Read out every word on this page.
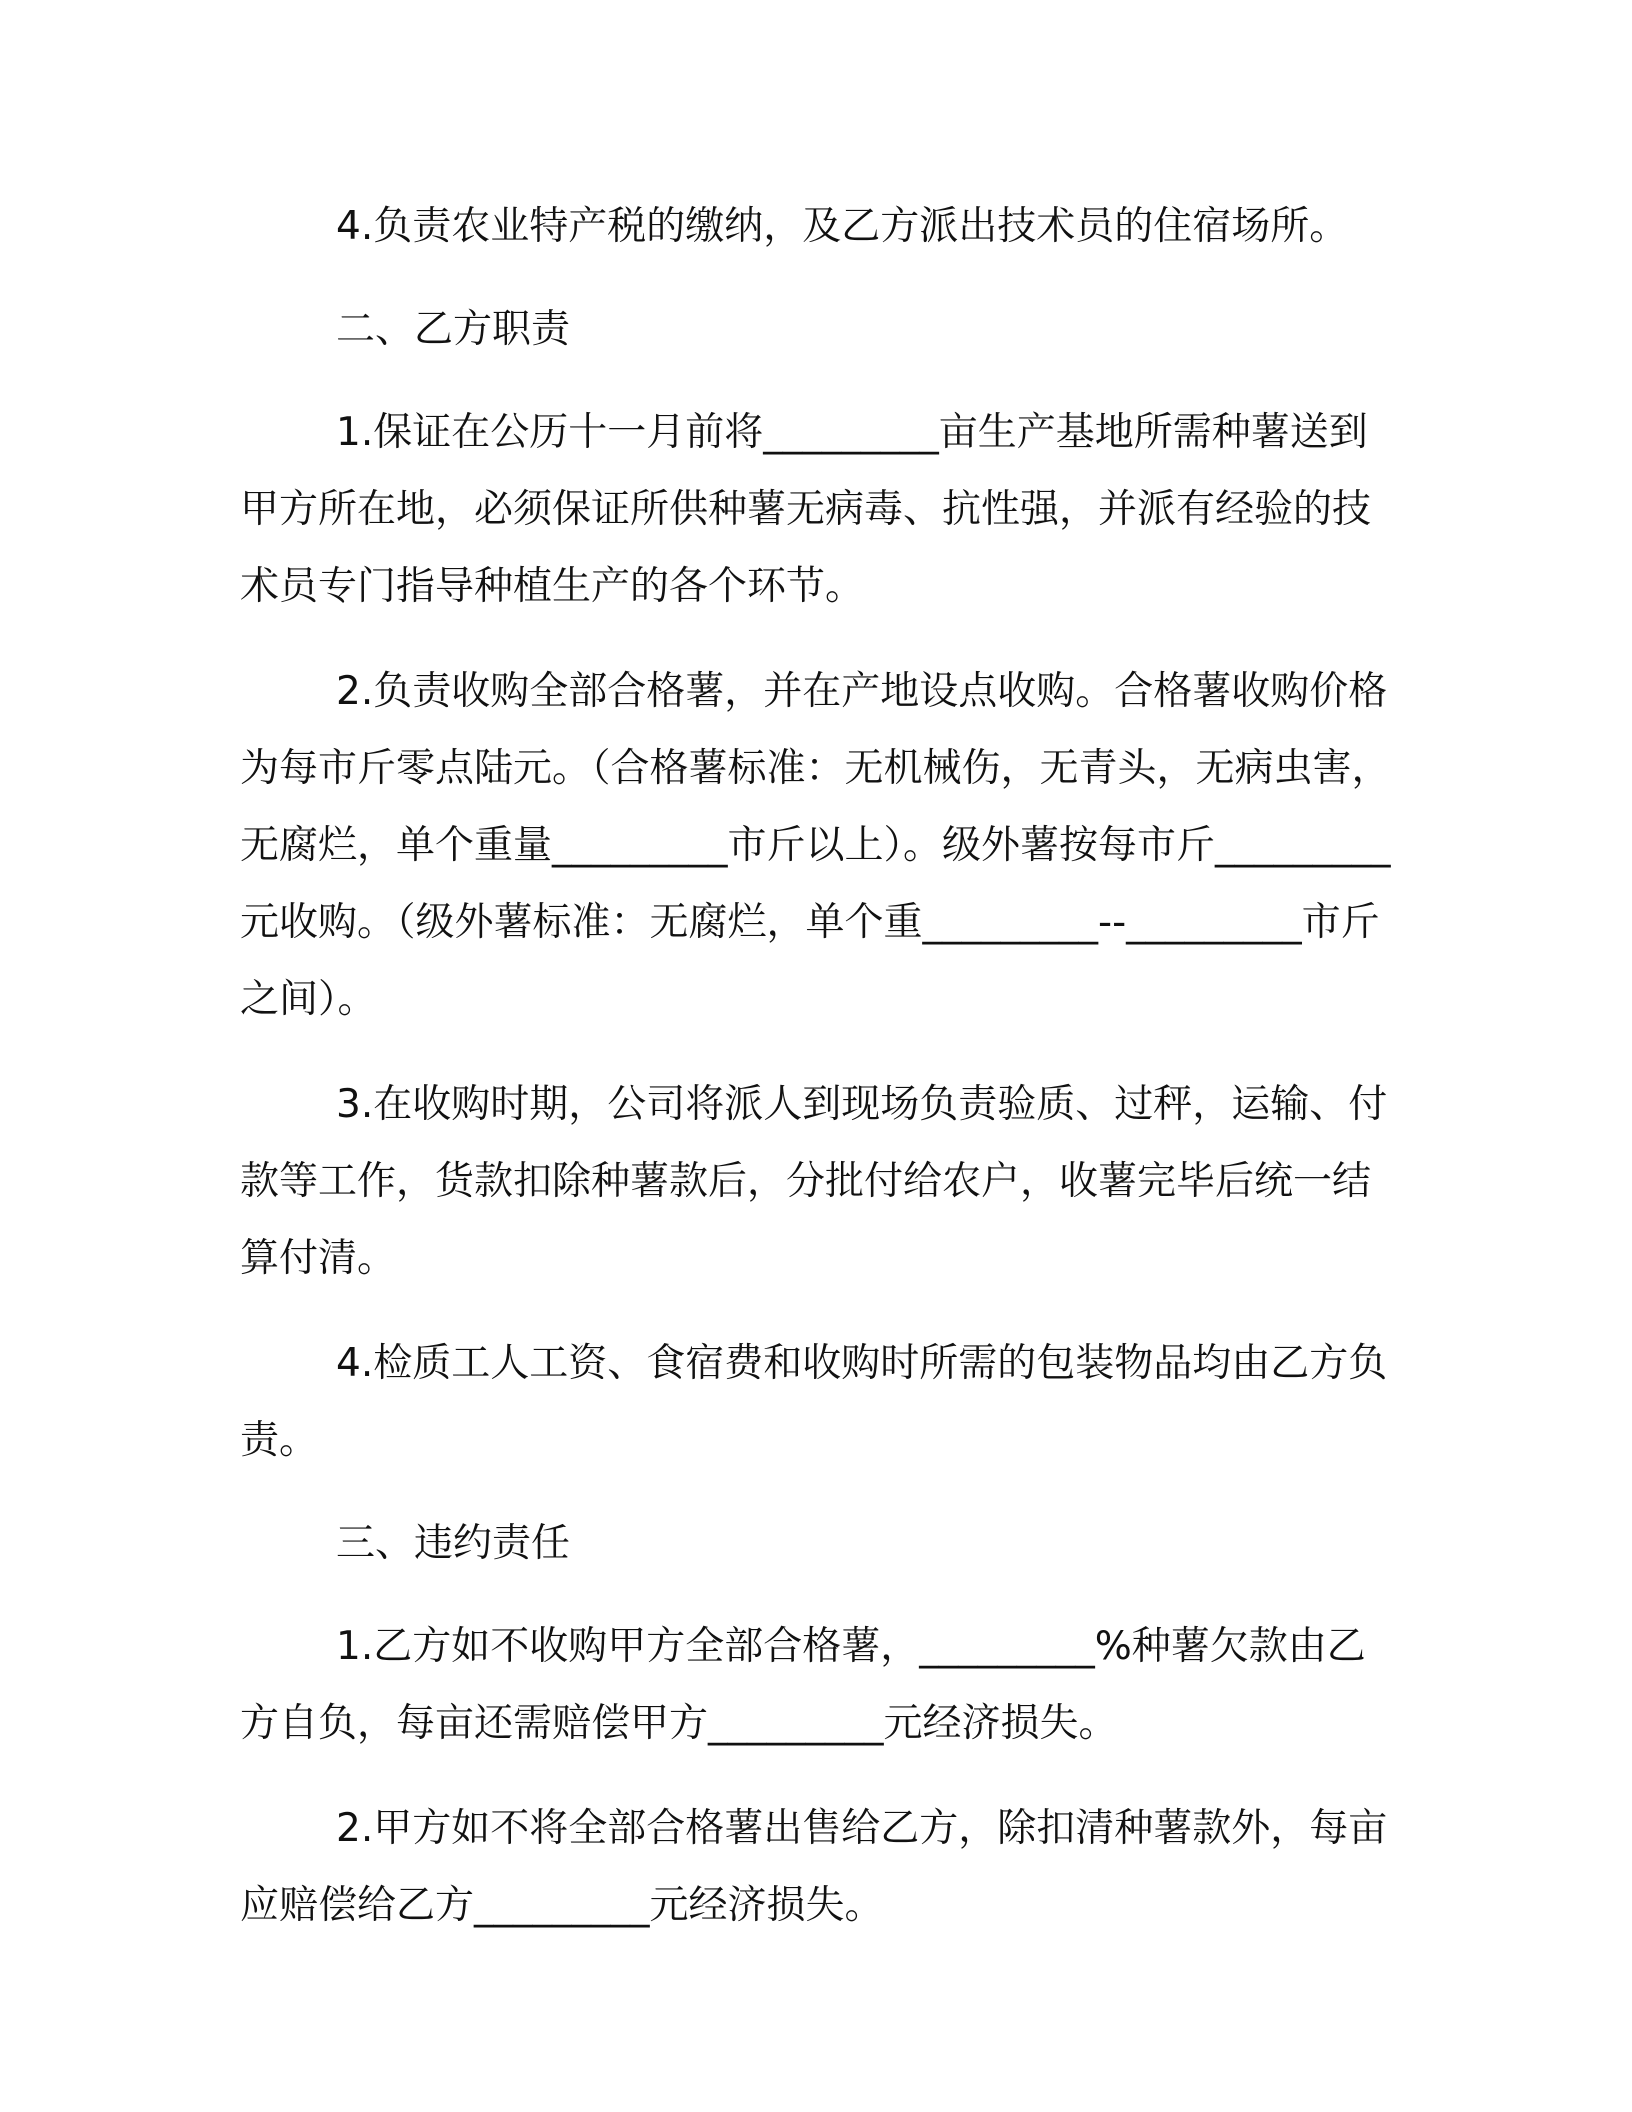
4.负责农业特产税的缴纳，及乙方派出技术员的住宿场所。

二、乙方职责

1.保证在公历十一月前将_________亩生产基地所需种薯送到甲方所在地，必须保证所供种薯无病毒、抗性强，并派有经验的技术员专门指导种植生产的各个环节。

2.负责收购全部合格薯，并在产地设点收购。合格薯收购价格为每市斤零点陆元。（合格薯标准：无机械伤，无青头，无病虫害，无腐烂，单个重量_________市斤以上）。级外薯按每市斤_________元收购。（级外薯标准：无腐烂，单个重_________--_________市斤之间）。

3.在收购时期，公司将派人到现场负责验质、过秤，运输、付款等工作，货款扣除种薯款后，分批付给农户，收薯完毕后统一结算付清。

4.检质工人工资、食宿费和收购时所需的包装物品均由乙方负责。

三、违约责任

1.乙方如不收购甲方全部合格薯，_________%种薯欠款由乙方自负，每亩还需赔偿甲方_________元经济损失。

2.甲方如不将全部合格薯出售给乙方，除扣清种薯款外，每亩应赔偿给乙方_________元经济损失。
